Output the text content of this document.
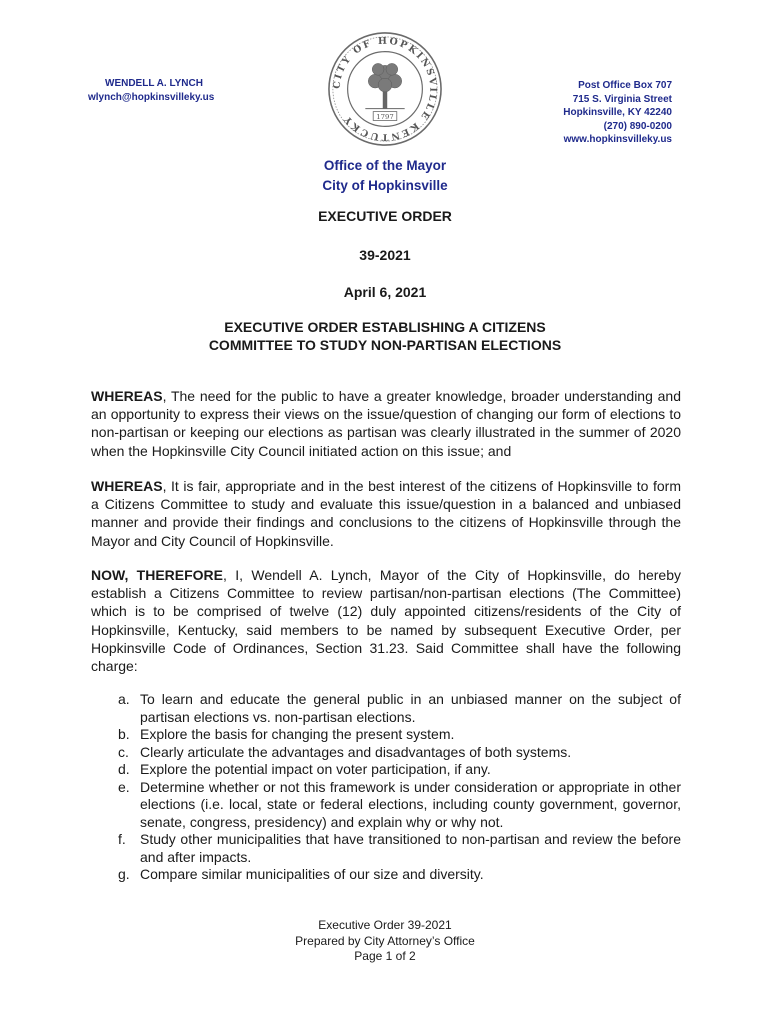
WENDELL A. LYNCH
wlynch@hopkinsvilleky.us
CITY OF HOPKINSVILLE KENTUCKY	1797
Post Office Box 707
715 S. Virginia Street
Hopkinsville, KY 42240
(270) 890-0200
www.hopkinsvilleky.us
Office of the Mayor
City of Hopkinsville
EXECUTIVE ORDER
39-2021
April 6, 2021
EXECUTIVE ORDER ESTABLISHING A CITIZENS
COMMITTEE TO STUDY NON-PARTISAN ELECTIONS
WHEREAS, The need for the public to have a greater knowledge, broader understanding and an opportunity to express their views on the issue/question of changing our form of elections to non-partisan or keeping our elections as partisan was clearly illustrated in the summer of 2020 when the Hopkinsville City Council initiated action on this issue; and
WHEREAS, It is fair, appropriate and in the best interest of the citizens of Hopkinsville to form a Citizens Committee to study and evaluate this issue/question in a balanced and unbiased manner and provide their findings and conclusions to the citizens of Hopkinsville through the Mayor and City Council of Hopkinsville.
NOW, THEREFORE, I, Wendell A. Lynch, Mayor of the City of Hopkinsville, do hereby establish a Citizens Committee to review partisan/non-partisan elections (The Committee) which is to be comprised of twelve (12) duly appointed citizens/residents of the City of Hopkinsville, Kentucky, said members to be named by subsequent Executive Order, per Hopkinsville Code of Ordinances, Section 31.23. Said Committee shall have the following charge:
a. To learn and educate the general public in an unbiased manner on the subject of partisan elections vs. non-partisan elections.
b. Explore the basis for changing the present system.
c. Clearly articulate the advantages and disadvantages of both systems.
d. Explore the potential impact on voter participation, if any.
e. Determine whether or not this framework is under consideration or appropriate in other elections (i.e. local, state or federal elections, including county government, governor, senate, congress, presidency) and explain why or why not.
f.	Study other municipalities that have transitioned to non-partisan and review the before and after impacts.
g. Compare similar municipalities of our size and diversity.
Executive Order 39-2021
Prepared by City Attorney’s Office
Page 1 of 2
